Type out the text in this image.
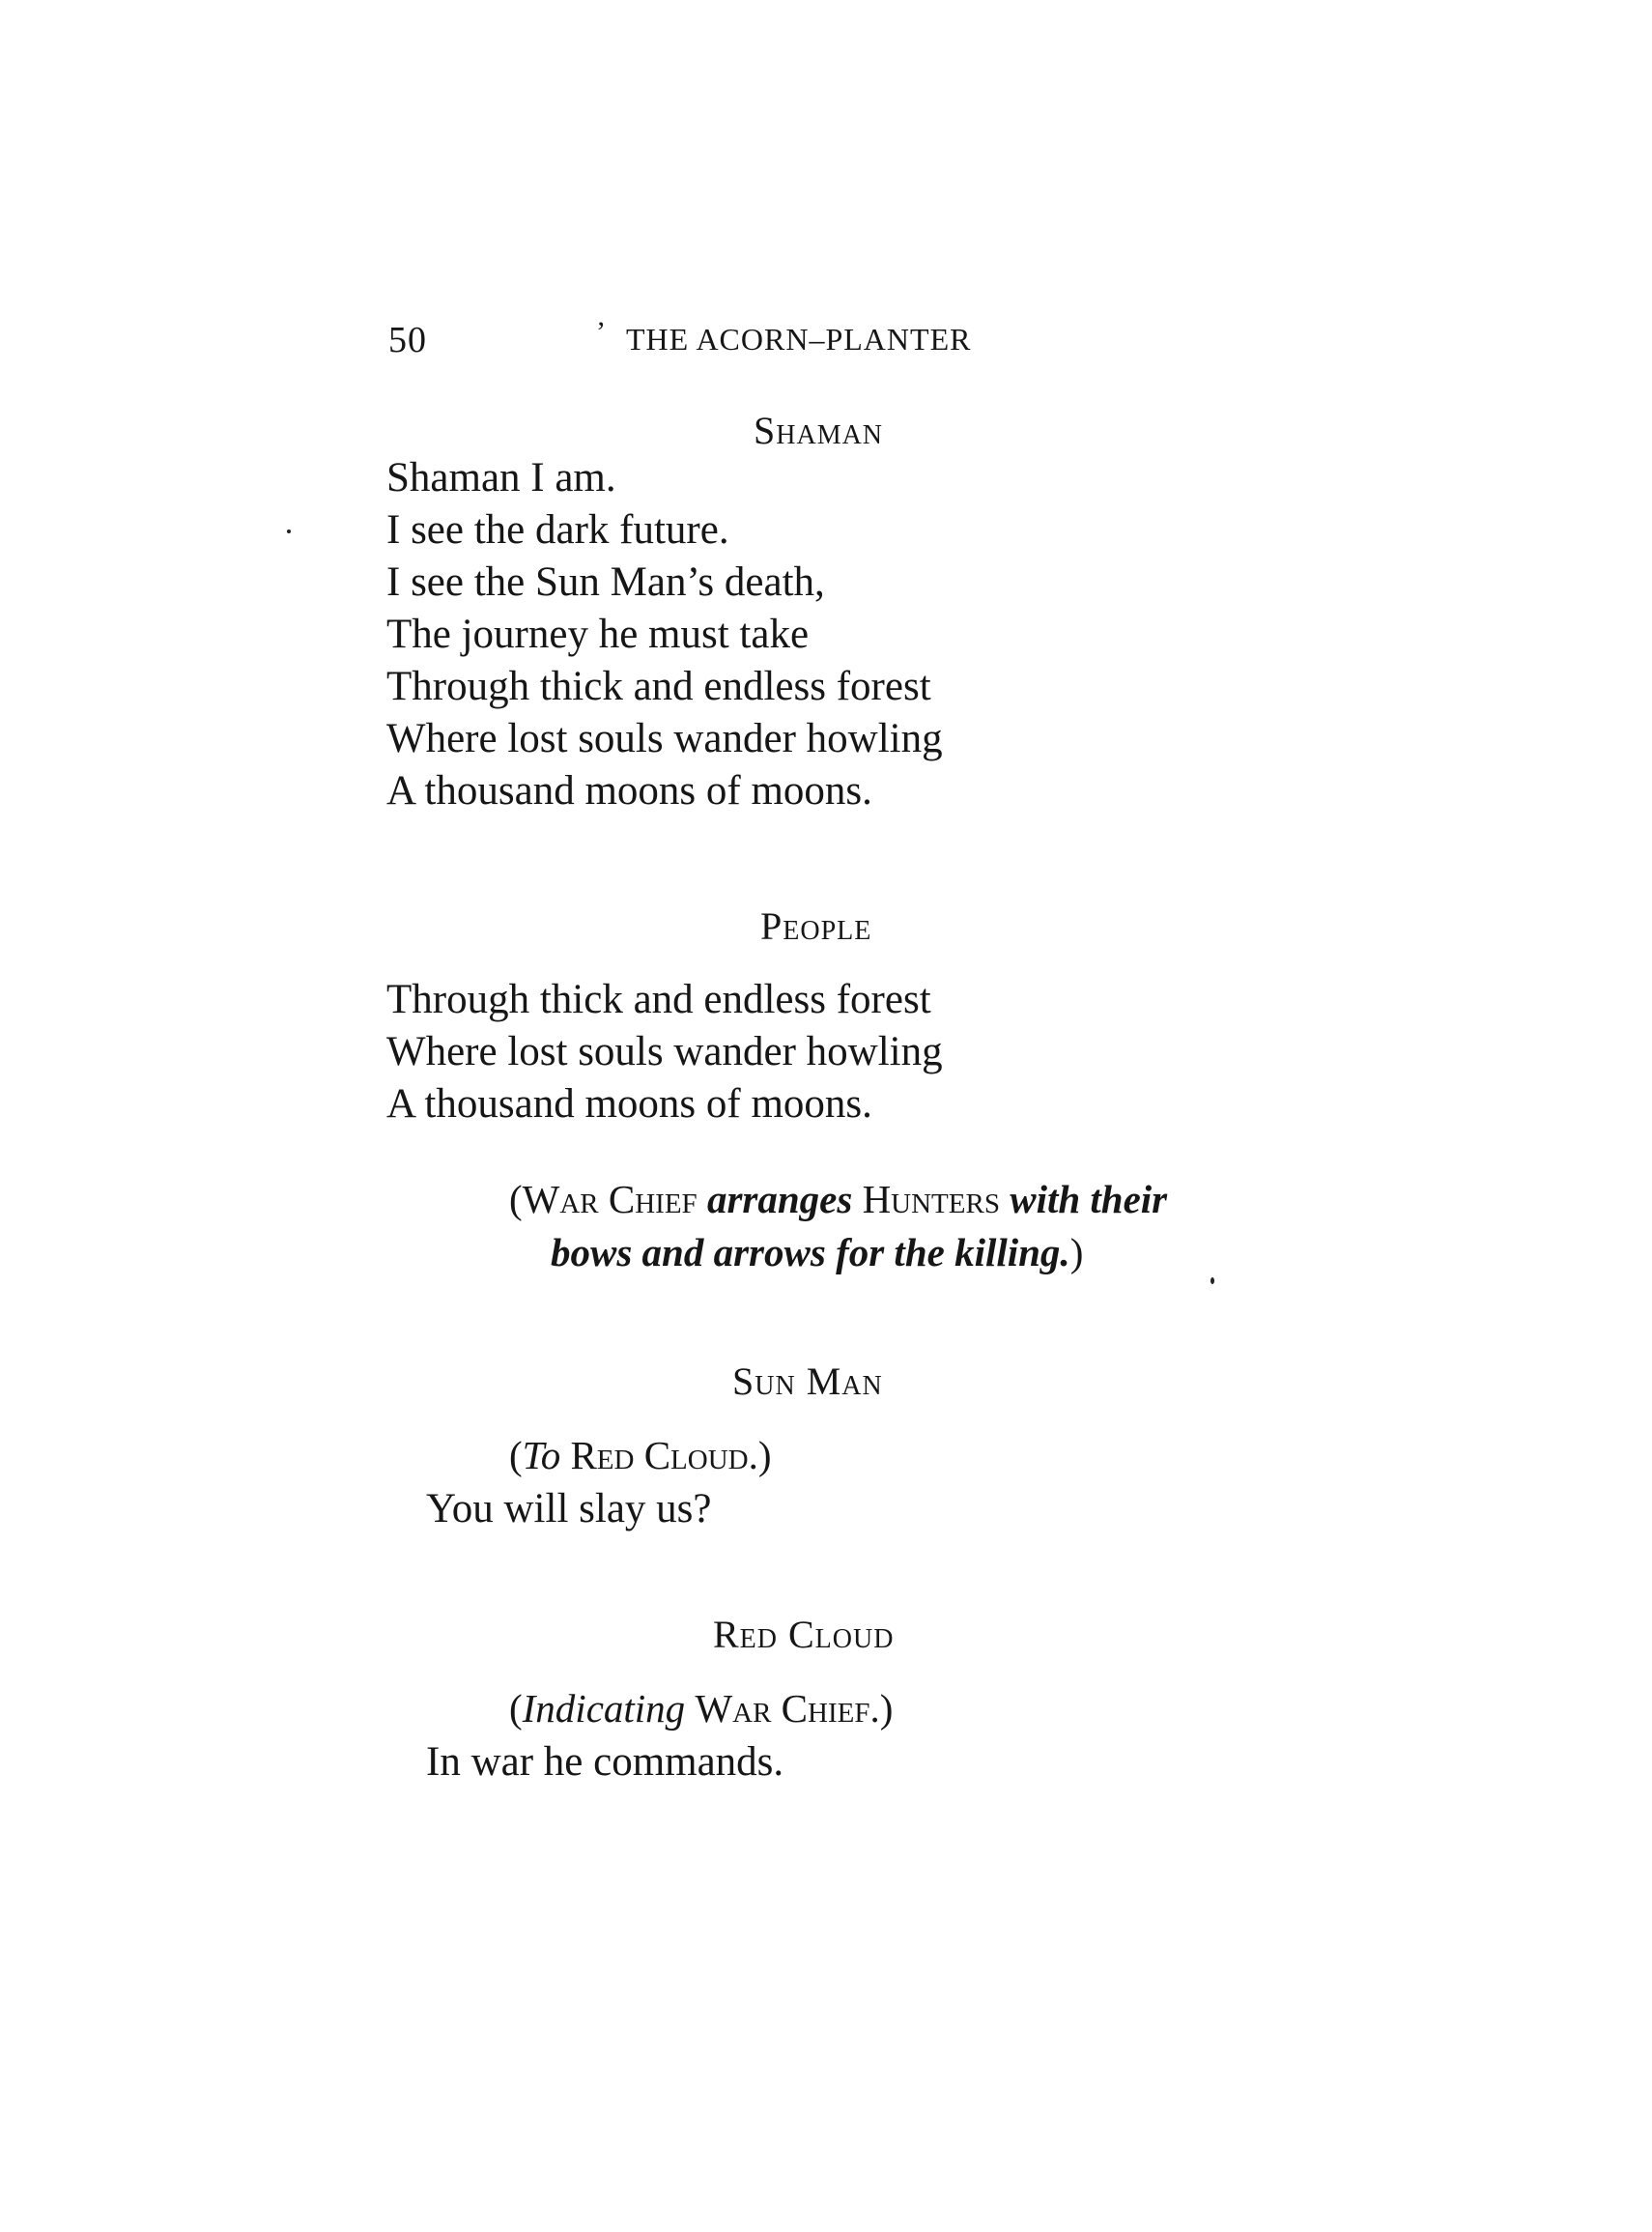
50	’ THE ACORN–PLANTER
Shaman
Shaman I am.
I see the dark future.
I see the Sun Man’s death,
The journey he must take
Through thick and endless forest
Where lost souls wander howling
A thousand moons of moons.
People
Through thick and endless forest
Where lost souls wander howling
A thousand moons of moons.
(War Chief arranges Hunters with their
bows and arrows for the killing.)
Sun Man
(To Red Cloud.)
You will slay us?
Red Cloud
(Indicating War Chief.)
In war he commands.
